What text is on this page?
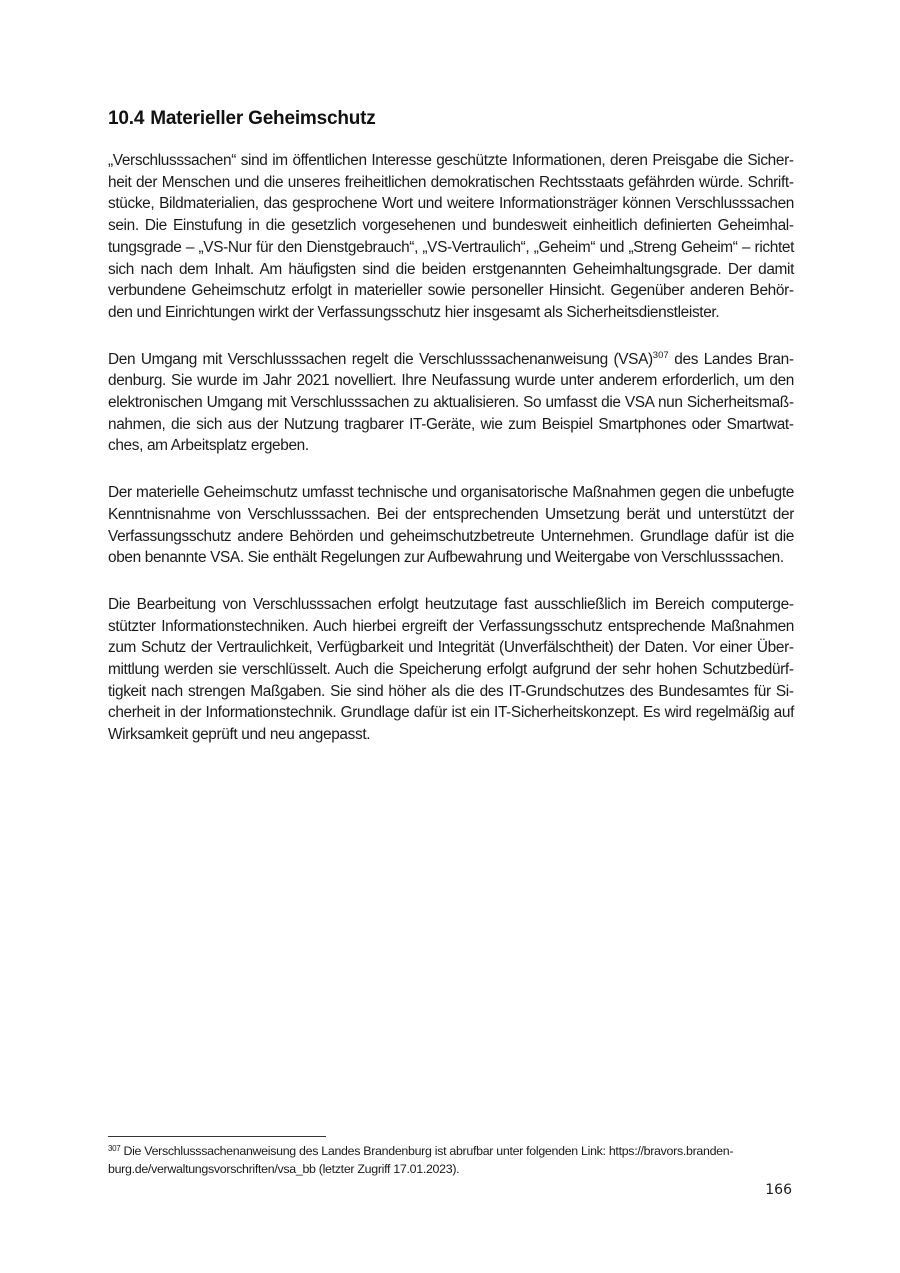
10.4 Materieller Geheimschutz

„Verschlusssachen“ sind im öffentlichen Interesse geschützte Informationen, deren Preisgabe die Sicherheit der Menschen und die unseres freiheitlichen demokratischen Rechtsstaats gefährden würde. Schriftstücke, Bildmaterialien, das gesprochene Wort und weitere Informationsträger können Verschlusssachen sein. Die Einstufung in die gesetzlich vorgesehenen und bundesweit einheitlich definierten Geheimhaltungsgrade – „VS-Nur für den Dienstgebrauch“, „VS-Vertraulich“, „Geheim“ und „Streng Geheim“ – richtet sich nach dem Inhalt. Am häufigsten sind die beiden erstgenannten Geheimhaltungsgrade. Der damit verbundene Geheimschutz erfolgt in materieller sowie personeller Hinsicht. Gegenüber anderen Behörden und Einrichtungen wirkt der Verfassungsschutz hier insgesamt als Sicherheitsdienstleister.

Den Umgang mit Verschlusssachen regelt die Verschlusssachenanweisung (VSA)$^{307}$ des Landes Brandenburg. Sie wurde im Jahr 2021 novelliert. Ihre Neufassung wurde unter anderem erforderlich, um den elektronischen Umgang mit Verschlusssachen zu aktualisieren. So umfasst die VSA nun Sicherheitsmaßnahmen, die sich aus der Nutzung tragbarer IT-Geräte, wie zum Beispiel Smartphones oder Smartwatches, am Arbeitsplatz ergeben.

Der materielle Geheimschutz umfasst technische und organisatorische Maßnahmen gegen die unbefugte Kenntnisnahme von Verschlusssachen. Bei der entsprechenden Umsetzung berät und unterstützt der Verfassungsschutz andere Behörden und geheimschutzbetreute Unternehmen. Grundlage dafür ist die oben benannte VSA. Sie enthält Regelungen zur Aufbewahrung und Weitergabe von Verschlusssachen.

Die Bearbeitung von Verschlusssachen erfolgt heutzutage fast ausschließlich im Bereich computergestützter Informationstechniken. Auch hierbei ergreift der Verfassungsschutz entsprechende Maßnahmen zum Schutz der Vertraulichkeit, Verfügbarkeit und Integrität (Unverfälschtheit) der Daten. Vor einer Übermittlung werden sie verschlüsselt. Auch die Speicherung erfolgt aufgrund der sehr hohen Schutzbedürftigkeit nach strengen Maßgaben. Sie sind höher als die des IT-Grundschutzes des Bundesamtes für Sicherheit in der Informationstechnik. Grundlage dafür ist ein IT-Sicherheitskonzept. Es wird regelmäßig auf Wirksamkeit geprüft und neu angepasst.

$^{307}$ Die Verschlusssachenanweisung des Landes Brandenburg ist abrufbar unter folgenden Link: https://bravors.brandenburg.de/verwaltungsvorschriften/vsa_bb (letzter Zugriff 17.01.2023).

166
